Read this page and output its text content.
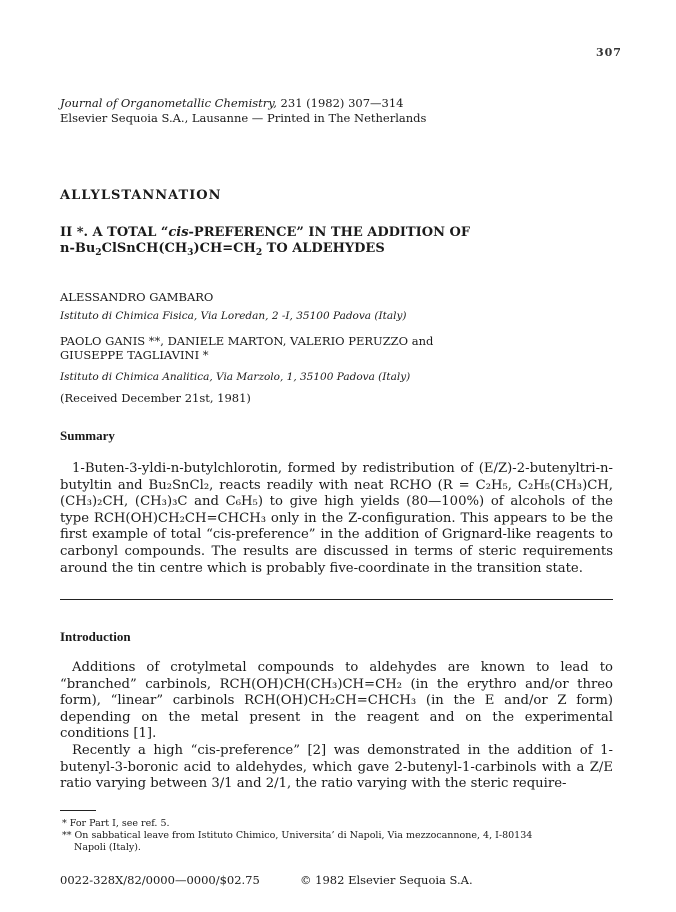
307
Journal of Organometallic Chemistry, 231 (1982) 307—314
Elsevier Sequoia S.A., Lausanne — Printed in The Netherlands
ALLYLSTANNATION
II *. A TOTAL “cis-PREFERENCE” IN THE ADDITION OF
$n-Bu_2ClSnCH(CH_3)CH=CH_2$ TO ALDEHYDES
ALESSANDRO GAMBARO
Istituto di Chimica Fisica, Via Loredan, 2 -I, 35100 Padova (Italy)
PAOLO GANIS **, DANIELE MARTON, VALERIO PERUZZO and
GIUSEPPE TAGLIAVINI *
Istituto di Chimica Analitica, Via Marzolo, 1, 35100 Padova (Italy)
(Received December 21st, 1981)
Summary

1-Buten-3-yldi-n-butylchlorotin, formed by redistribution of (E/Z)-2-butenyltri-n-butyltin and Bu₂SnCl₂, reacts readily with neat RCHO (R = C₂H₅, C₂H₅(CH₃)CH, (CH₃)₂CH, (CH₃)₃C and C₆H₅) to give high yields (80—100%) of alcohols of the type RCH(OH)CH₂CH=CHCH₃ only in the Z-configuration. This appears to be the first example of total “cis-preference” in the addition of Grignard-like reagents to carbonyl compounds. The results are discussed in terms of steric requirements around the tin centre which is probably five-coordinate in the transition state.

Introduction

Additions of crotylmetal compounds to aldehydes are known to lead to “branched” carbinols, RCH(OH)CH(CH₃)CH=CH₂ (in the erythro and/or threo form), “linear” carbinols RCH(OH)CH₂CH=CHCH₃ (in the E and/or Z form) depending on the metal present in the reagent and on the experimental conditions [1].

Recently a high “cis-preference” [2] was demonstrated in the addition of 1-butenyl-3-boronic acid to aldehydes, which gave 2-butenyl-1-carbinols with a Z/E ratio varying between 3/1 and 2/1, the ratio varying with the steric require-

* For Part I, see ref. 5.
** On sabbatical leave from Istituto Chimico, Universita’ di Napoli, Via mezzocannone, 4, I-80134
Napoli (Italy).
0022-328X/82/0000—0000/$02.75	© 1982 Elsevier Sequoia S.A.
